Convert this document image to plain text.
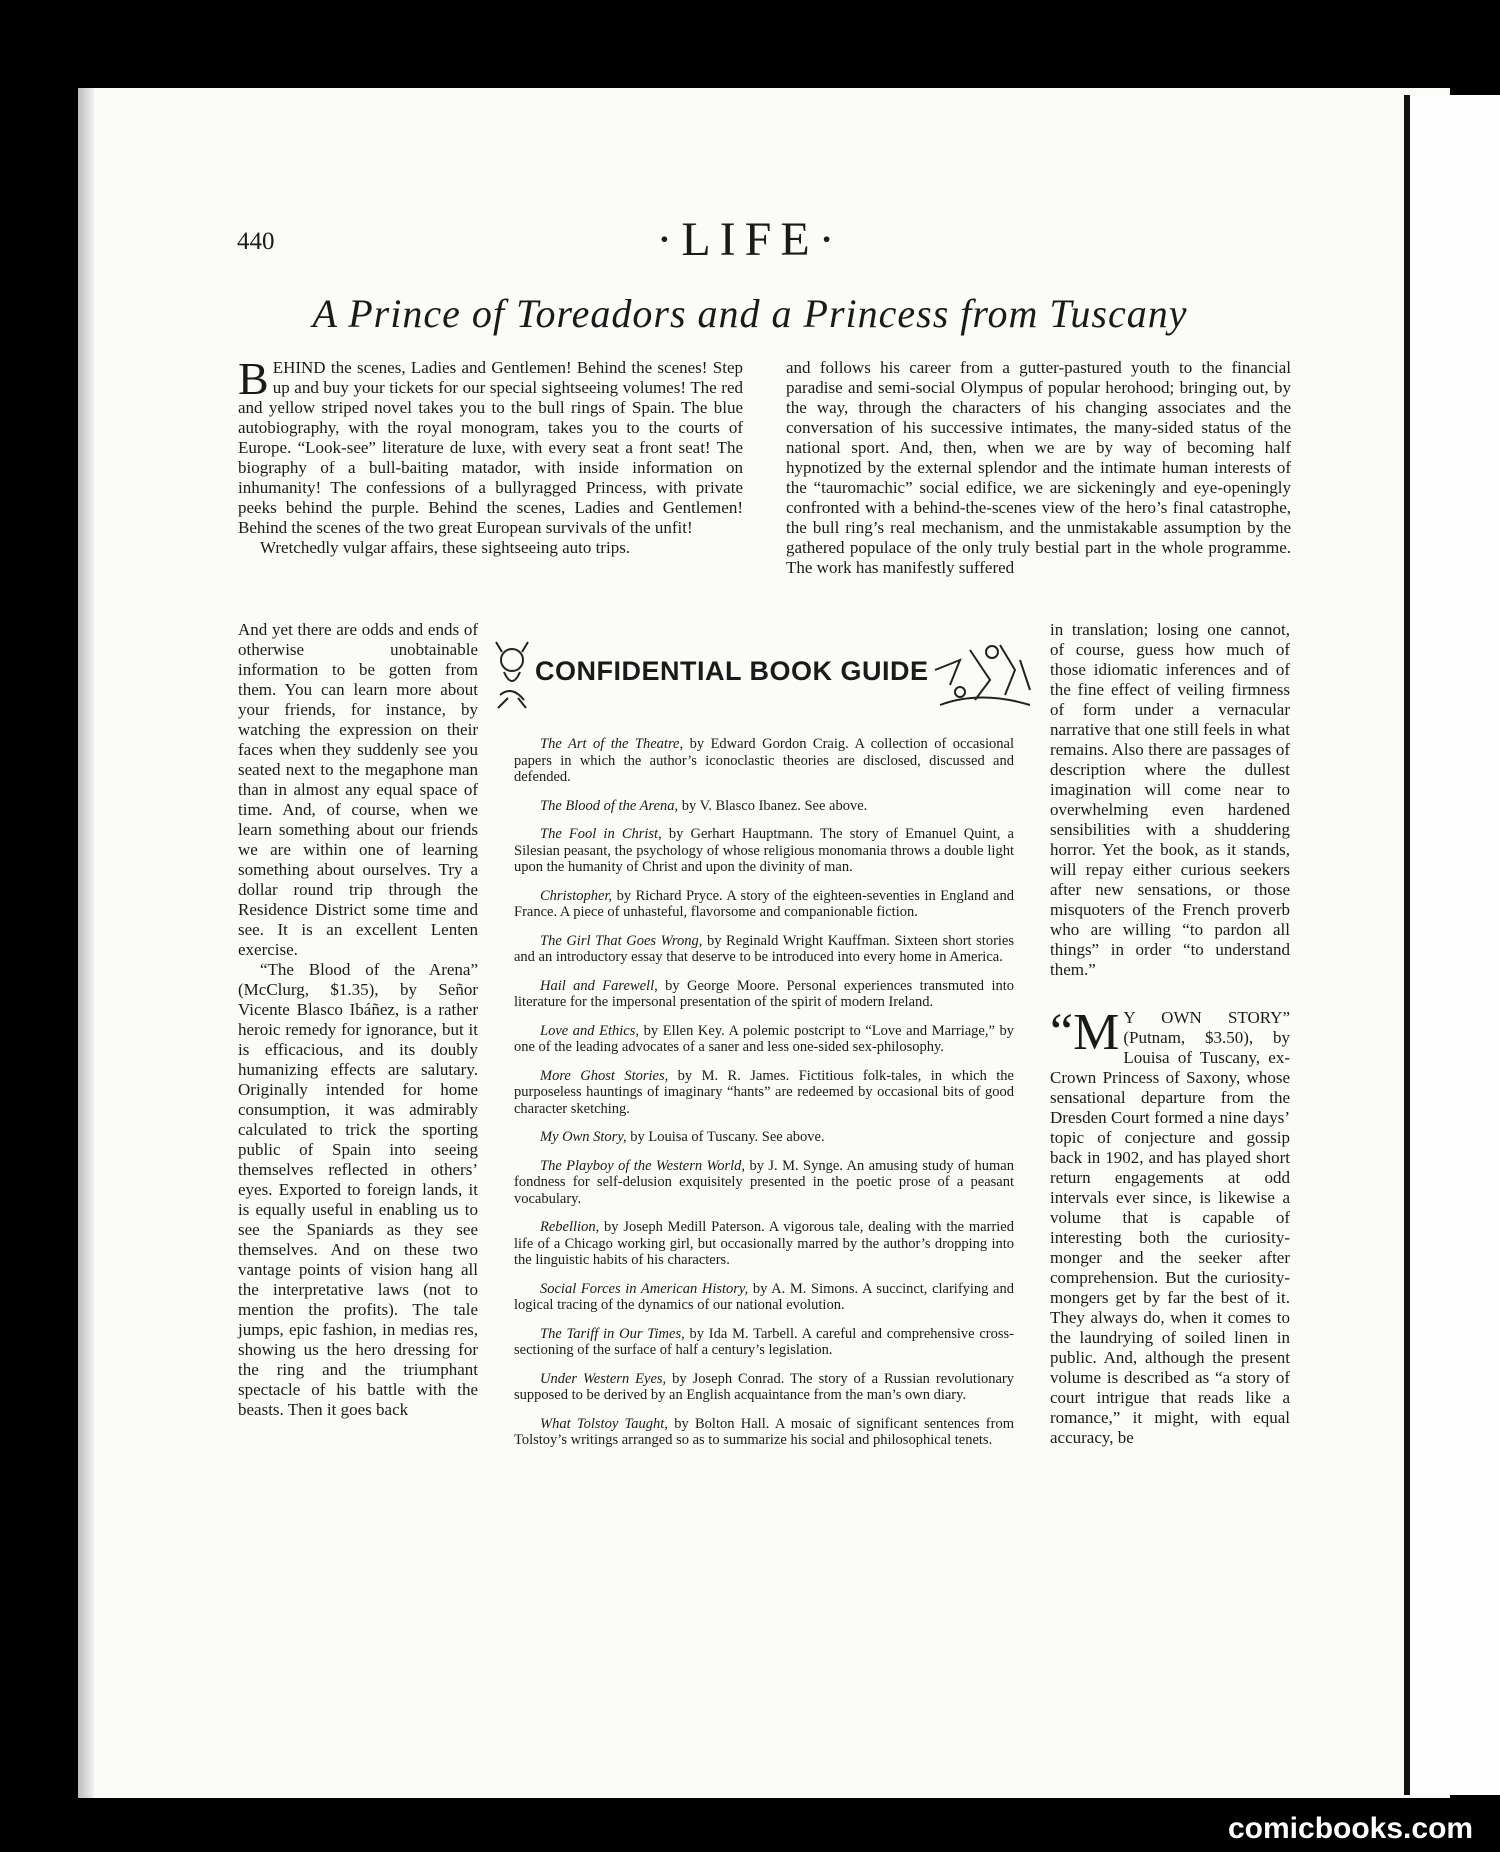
440	·LIFE·
A Prince of Toreadors and a Princess from Tuscany

BEHIND the scenes, Ladies and Gentlemen! Behind the scenes! Step up and buy your tickets for our special sightseeing volumes! The red and yellow striped novel takes you to the bull rings of Spain. The blue autobiography, with the royal monogram, takes you to the courts of Europe. “Look-see” literature de luxe, with every seat a front seat! The biography of a bull-baiting matador, with inside information on inhumanity! The confessions of a bullyragged Princess, with private peeks behind the purple. Behind the scenes, Ladies and Gentlemen! Behind the scenes of the two great European survivals of the unfit!

Wretchedly vulgar affairs, these sightseeing auto trips.

And yet there are odds and ends of otherwise unobtainable information to be gotten from them. You can learn more about your friends, for instance, by watching the expression on their faces when they suddenly see you seated next to the megaphone man than in almost any equal space of time. And, of course, when we learn something about our friends we are within one of learning something about ourselves. Try a dollar round trip through the Residence District some time and see. It is an excellent Lenten exercise.

“The Blood of the Arena” (McClurg, $1.35), by Señor Vicente Blasco Ibáñez, is a rather heroic remedy for ignorance, but it is efficacious, and its doubly humanizing effects are salutary. Originally intended for home consumption, it was admirably calculated to trick the sporting public of Spain into seeing themselves reflected in others’ eyes. Exported to foreign lands, it is equally useful in enabling us to see the Spaniards as they see themselves. And on these two vantage points of vision hang all the interpretative laws (not to mention the profits). The tale jumps, epic fashion, in medias res, showing us the hero dressing for the ring and the triumphant spectacle of his battle with the beasts. Then it goes back

and follows his career from a gutter-pastured youth to the financial paradise and semi-social Olympus of popular herohood; bringing out, by the way, through the characters of his changing associates and the conversation of his successive intimates, the many-sided status of the national sport. And, then, when we are by way of becoming half hypnotized by the external splendor and the intimate human interests of the “tauromachic” social edifice, we are sickeningly and eye-openingly confronted with a behind-the-scenes view of the hero’s final catastrophe, the bull ring’s real mechanism, and the unmistakable assumption by the gathered populace of the only truly bestial part in the whole programme. The work has manifestly suffered

in translation; losing one cannot, of course, guess how much of those idiomatic inferences and of the fine effect of veiling firmness of form under a vernacular narrative that one still feels in what remains. Also there are passages of description where the dullest imagination will come near to overwhelming even hardened sensibilities with a shuddering horror. Yet the book, as it stands, will repay either curious seekers after new sensations, or those misquoters of the French proverb who are willing “to pardon all things” in order “to understand them.”

“M Y OWN STORY” (Putnam, $3.50), by Louisa of Tuscany, ex-Crown Princess of Saxony, whose sensational departure from the Dresden Court formed a nine days’ topic of conjecture and gossip back in 1902, and has played short return engagements at odd intervals ever since, is likewise a volume that is capable of interesting both the curiosity-monger and the seeker after comprehension. But the curiosity-mongers get by far the best of it. They always do, when it comes to the laundrying of soiled linen in public. And, although the present volume is described as “a story of court intrigue that reads like a romance,” it might, with equal accuracy, be

CONFIDENTIAL BOOK GUIDE

The Art of the Theatre, by Edward Gordon Craig. A collection of occasional papers in which the author’s iconoclastic theories are disclosed, discussed and defended.

The Blood of the Arena, by V. Blasco Ibanez. See above.

The Fool in Christ, by Gerhart Hauptmann. The story of Emanuel Quint, a Silesian peasant, the psychology of whose religious monomania throws a double light upon the humanity of Christ and upon the divinity of man.

Christopher, by Richard Pryce. A story of the eighteen-seventies in England and France. A piece of unhasteful, flavorsome and companionable fiction.

The Girl That Goes Wrong, by Reginald Wright Kauffman. Sixteen short stories and an introductory essay that deserve to be introduced into every home in America.

Hail and Farewell, by George Moore. Personal experiences transmuted into literature for the impersonal presentation of the spirit of modern Ireland.

Love and Ethics, by Ellen Key. A polemic postcript to “Love and Marriage,” by one of the leading advocates of a saner and less one-sided sex-philosophy.

More Ghost Stories, by M. R. James. Fictitious folk-tales, in which the purposeless hauntings of imaginary “hants” are redeemed by occasional bits of good character sketching.

My Own Story, by Louisa of Tuscany. See above.

The Playboy of the Western World, by J. M. Synge. An amusing study of human fondness for self-delusion exquisitely presented in the poetic prose of a peasant vocabulary.

Rebellion, by Joseph Medill Paterson. A vigorous tale, dealing with the married life of a Chicago working girl, but occasionally marred by the author’s dropping into the linguistic habits of his characters.

Social Forces in American History, by A. M. Simons. A succinct, clarifying and logical tracing of the dynamics of our national evolution.

The Tariff in Our Times, by Ida M. Tarbell. A careful and comprehensive cross-sectioning of the surface of half a century’s legislation.

Under Western Eyes, by Joseph Conrad. The story of a Russian revolutionary supposed to be derived by an English acquaintance from the man’s own diary.

What Tolstoy Taught, by Bolton Hall. A mosaic of significant sentences from Tolstoy’s writings arranged so as to summarize his social and philosophical tenets.

comicbooks.com
